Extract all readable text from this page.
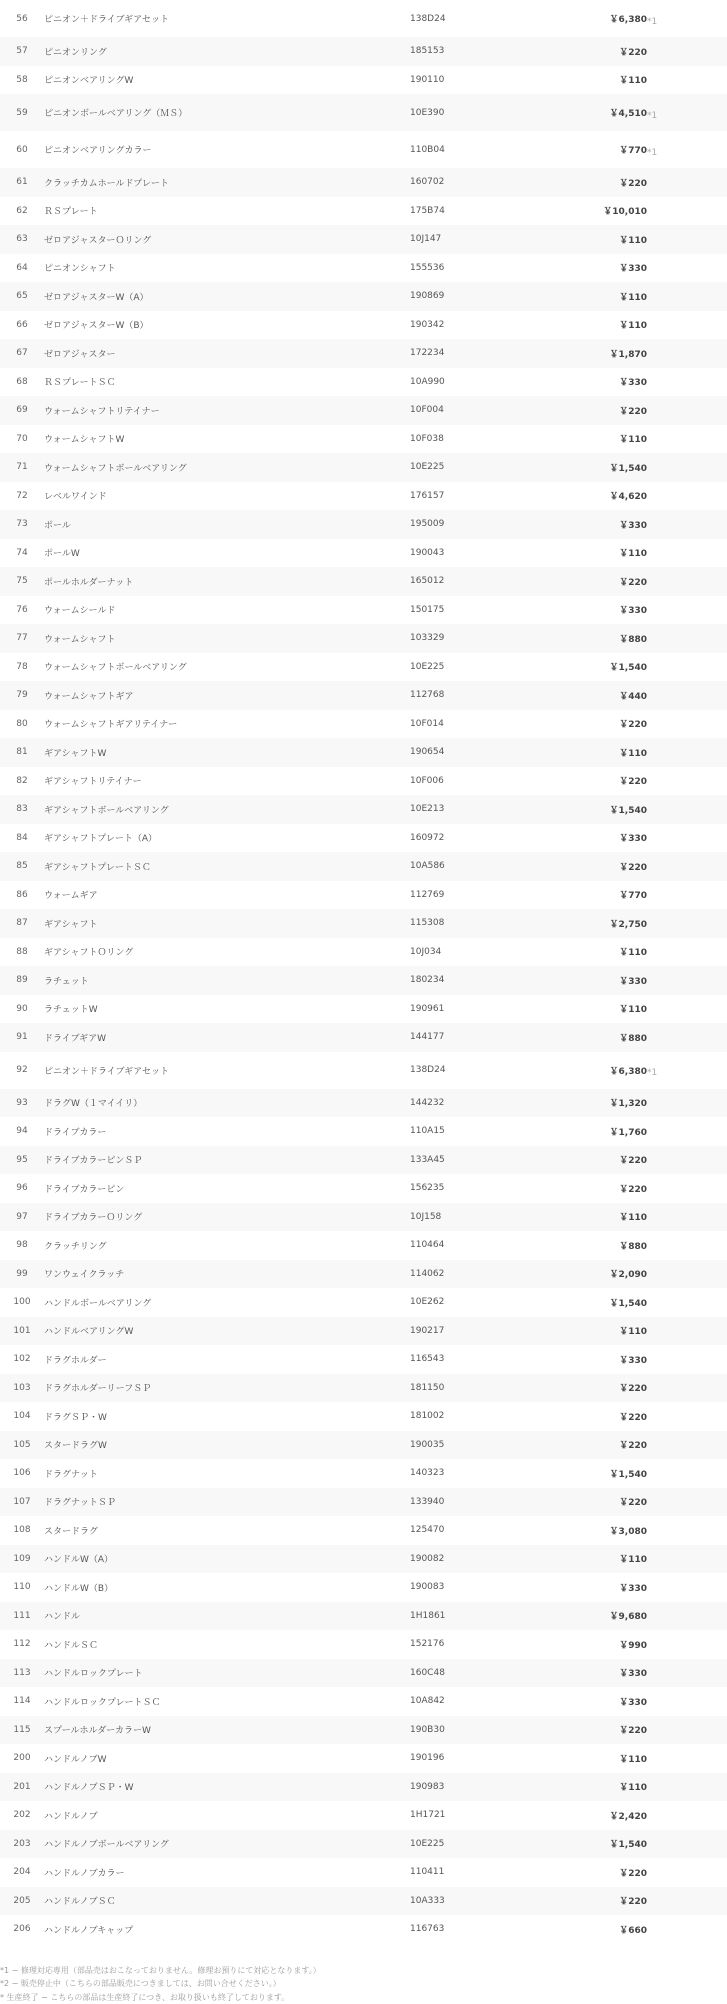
56	ピニオン＋ドライブギアセット	138D24	￥6,380	*1
57	ピニオンリング	185153	￥220	
58	ピニオンベアリングW	190110	￥110	
59	ピニオンボールベアリング（ＭＳ）	10E390	￥4,510	*1
60	ピニオンベアリングカラー	110B04	￥770	*1
61	クラッチカムホールドプレート	160702	￥220	
62	ＲＳプレート	175B74	￥10,010	
63	ゼロアジャスターＯリング	10J147	￥110	
64	ピニオンシャフト	155536	￥330	
65	ゼロアジャスターW（A）	190869	￥110	
66	ゼロアジャスターW（B）	190342	￥110	
67	ゼロアジャスター	172234	￥1,870	
68	ＲＳプレートＳＣ	10A990	￥330	
69	ウォームシャフトリテイナー	10F004	￥220	
70	ウォームシャフトW	10F038	￥110	
71	ウォームシャフトボールベアリング	10E225	￥1,540	
72	レベルワインド	176157	￥4,620	
73	ポール	195009	￥330	
74	ポールW	190043	￥110	
75	ポールホルダーナット	165012	￥220	
76	ウォームシールド	150175	￥330	
77	ウォームシャフト	103329	￥880	
78	ウォームシャフトボールベアリング	10E225	￥1,540	
79	ウォームシャフトギア	112768	￥440	
80	ウォームシャフトギアリテイナー	10F014	￥220	
81	ギアシャフトW	190654	￥110	
82	ギアシャフトリテイナー	10F006	￥220	
83	ギアシャフトボールベアリング	10E213	￥1,540	
84	ギアシャフトプレート（A）	160972	￥330	
85	ギアシャフトプレートＳＣ	10A586	￥220	
86	ウォームギア	112769	￥770	
87	ギアシャフト	115308	￥2,750	
88	ギアシャフトＯリング	10J034	￥110	
89	ラチェット	180234	￥330	
90	ラチェットW	190961	￥110	
91	ドライブギアW	144177	￥880	
92	ピニオン＋ドライブギアセット	138D24	￥6,380	*1
93	ドラグW（１マイイリ）	144232	￥1,320	
94	ドライブカラー	110A15	￥1,760	
95	ドライブカラーピンＳＰ	133A45	￥220	
96	ドライブカラーピン	156235	￥220	
97	ドライブカラーＯリング	10J158	￥110	
98	クラッチリング	110464	￥880	
99	ワンウェイクラッチ	114062	￥2,090	
100	ハンドルボールベアリング	10E262	￥1,540	
101	ハンドルベアリングW	190217	￥110	
102	ドラグホルダー	116543	￥330	
103	ドラグホルダーリーフＳＰ	181150	￥220	
104	ドラグＳＰ・W	181002	￥220	
105	スタードラグW	190035	￥220	
106	ドラグナット	140323	￥1,540	
107	ドラグナットＳＰ	133940	￥220	
108	スタードラグ	125470	￥3,080	
109	ハンドルW（A）	190082	￥110	
110	ハンドルW（B）	190083	￥330	
111	ハンドル	1H1861	￥9,680	
112	ハンドルＳＣ	152176	￥990	
113	ハンドルロックプレート	160C48	￥330	
114	ハンドルロックプレートＳＣ	10A842	￥330	
115	スプールホルダーカラーW	190B30	￥220	
200	ハンドルノブW	190196	￥110	
201	ハンドルノブＳＰ・W	190983	￥110	
202	ハンドルノブ	1H1721	￥2,420	
203	ハンドルノブボールベアリング	10E225	￥1,540	
204	ハンドルノブカラー	110411	￥220	
205	ハンドルノブＳＣ	10A333	￥220	
206	ハンドルノブキャップ	116763	￥660	
*1 − 修理対応専用（部品売はおこなっておりません。修理お預りにて対応となります。）
*2 − 販売停止中（こちらの部品販売につきましては、お問い合せください。）
* 生産終了 − こちらの部品は生産終了につき、お取り扱いも終了しております。
